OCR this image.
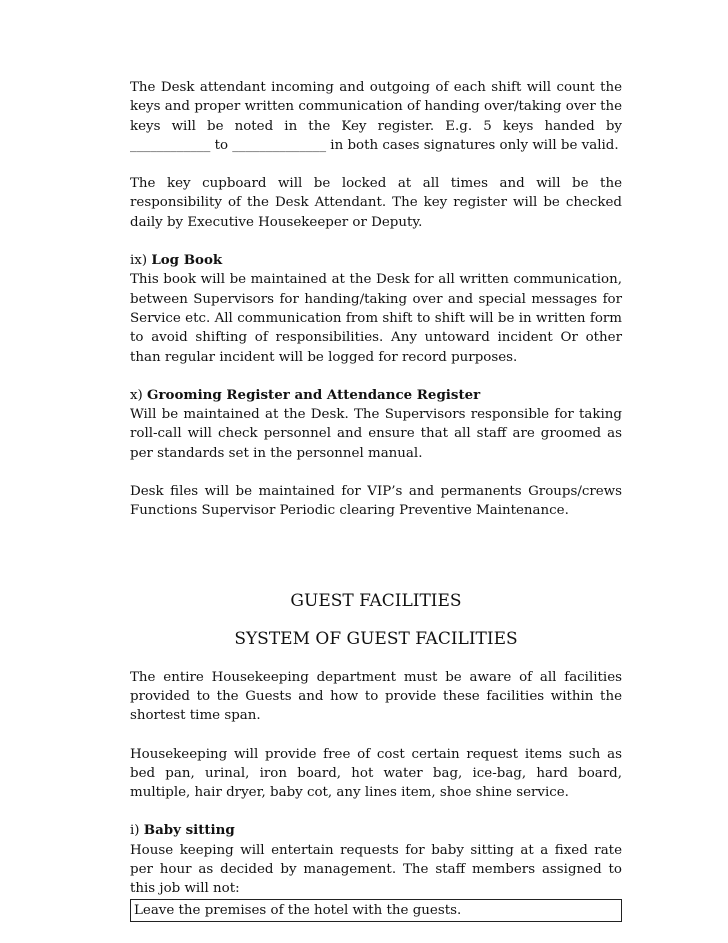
The Desk attendant incoming and outgoing of each shift will count the keys and proper written communication of handing over/taking over the keys will be noted in the Key register. E.g. 5 keys handed by ____________ to ______________ in both cases signatures only will be valid.

The key cupboard will be locked at all times and will be the responsibility of the Desk Attendant. The key register will be checked daily by Executive Housekeeper or Deputy.

ix) Log Book
This book will be maintained at the Desk for all written communication, between Supervisors for handing/taking over and special messages for Service etc. All communication from shift to shift will be in written form to avoid shifting of responsibilities. Any untoward incident Or other than regular incident will be logged for record purposes.
x) Grooming Register and Attendance Register
Will be maintained at the Desk. The Supervisors responsible for taking roll-call will check personnel and ensure that all staff are groomed as per standards set in the personnel manual.

Desk files will be maintained for VIP’s and permanents Groups/crews Functions Supervisor Periodic clearing Preventive Maintenance.

GUEST FACILITIES

SYSTEM OF GUEST FACILITIES

The entire Housekeeping department must be aware of all facilities provided to the Guests and how to provide these facilities within the shortest time span.

Housekeeping will provide free of cost certain request items such as bed pan, urinal, iron board, hot water bag, ice-bag, hard board, multiple, hair dryer, baby cot, any lines item, shoe shine service.

i) Baby sitting
House keeping will entertain requests for baby sitting at a fixed rate per hour as decided by management. The staff members assigned to this job will not:
Leave the premises of the hotel with the guests.
